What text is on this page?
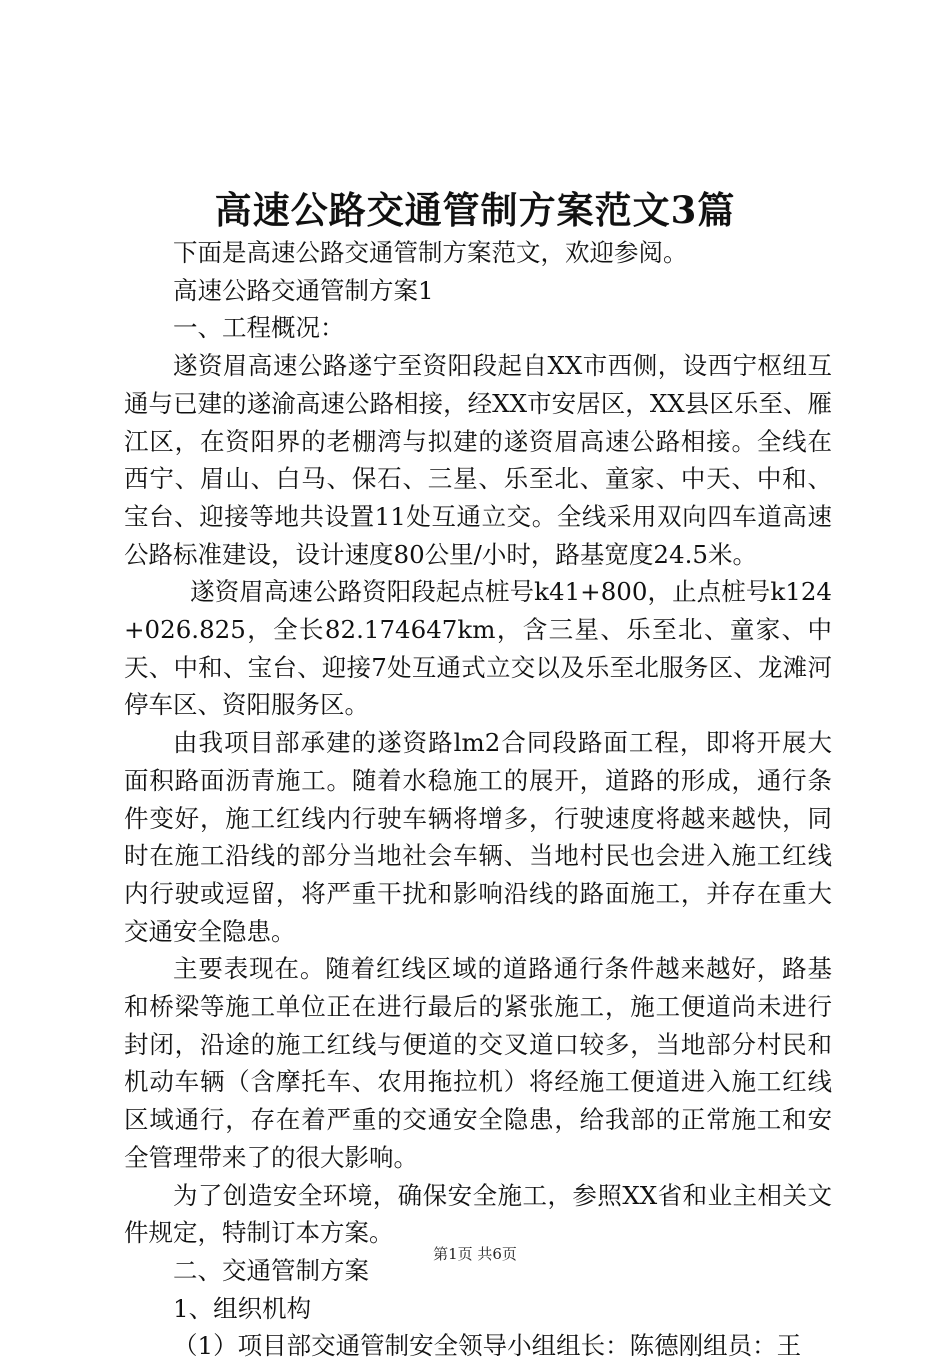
高速公路交通管制方案范文3篇

下面是高速公路交通管制方案范文，欢迎参阅。

高速公路交通管制方案1

一、工程概况：

遂资眉高速公路遂宁至资阳段起自XX市西侧，设西宁枢纽互通与已建的遂渝高速公路相接，经XX市安居区，XX县区乐至、雁江区，在资阳界的老棚湾与拟建的遂资眉高速公路相接。全线在西宁、眉山、白马、保石、三星、乐至北、童家、中天、中和、宝台、迎接等地共设置11处互通立交。全线采用双向四车道高速公路标准建设，设计速度80公里/小时，路基宽度24.5米。

遂资眉高速公路资阳段起点桩号k41+800，止点桩号k124+026.825，全长82.174647km，含三星、乐至北、童家、中天、中和、宝台、迎接7处互通式立交以及乐至北服务区、龙滩河停车区、资阳服务区。

由我项目部承建的遂资路lm2合同段路面工程，即将开展大面积路面沥青施工。随着水稳施工的展开，道路的形成，通行条件变好，施工红线内行驶车辆将增多，行驶速度将越来越快，同时在施工沿线的部分当地社会车辆、当地村民也会进入施工红线内行驶或逗留，将严重干扰和影响沿线的路面施工，并存在重大交通安全隐患。

主要表现在。随着红线区域的道路通行条件越来越好，路基和桥梁等施工单位正在进行最后的紧张施工，施工便道尚未进行封闭，沿途的施工红线与便道的交叉道口较多，当地部分村民和机动车辆（含摩托车、农用拖拉机）将经施工便道进入施工红线区域通行，存在着严重的交通安全隐患，给我部的正常施工和安全管理带来了的很大影响。

为了创造安全环境，确保安全施工，参照XX省和业主相关文件规定，特制订本方案。

二、交通管制方案

1、组织机构

（1）项目部交通管制安全领导小组组长：陈德刚组员：王

第1页 共6页
